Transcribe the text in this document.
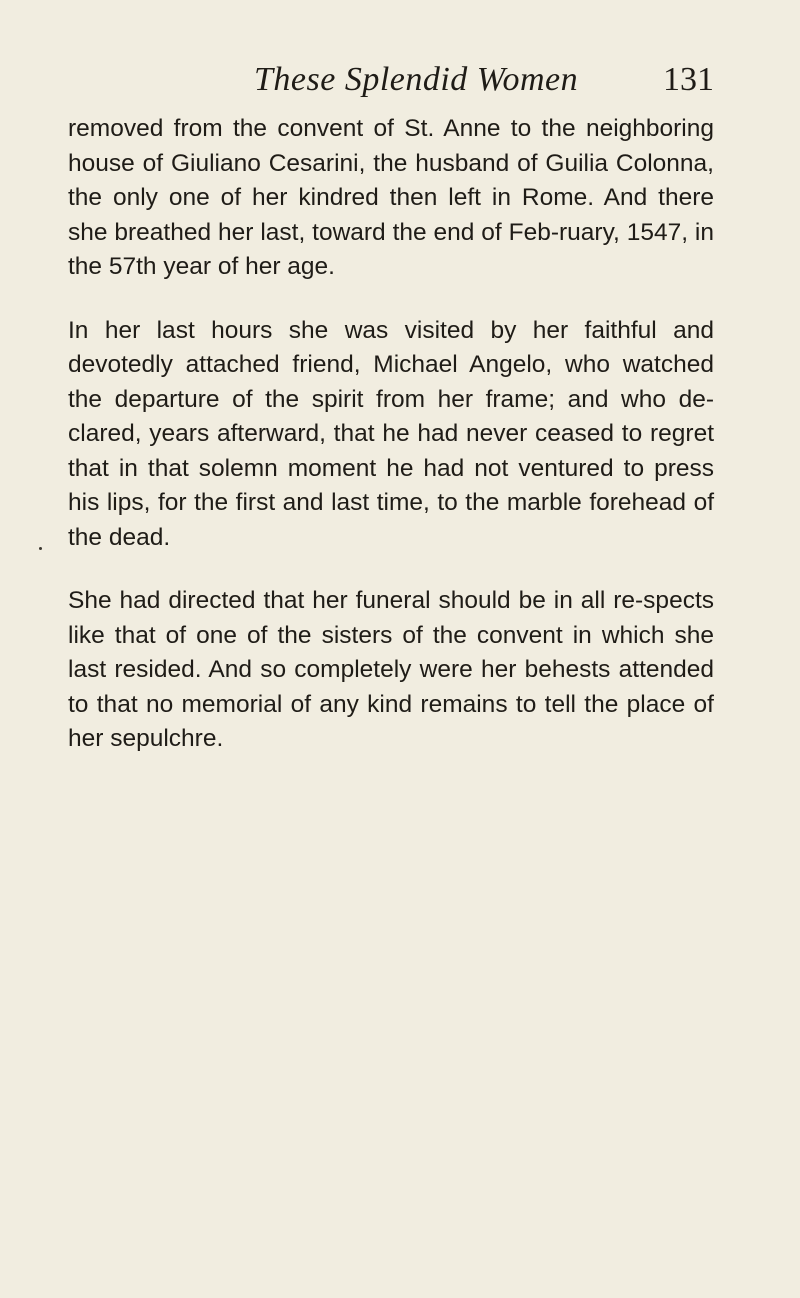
These Splendid Women 131

removed from the convent of St. Anne to the neighboring house of Giuliano Cesarini, the husband of Guilia Colonna, the only one of her kindred then left in Rome. And there she breathed her last, toward the end of Feb-ruary, 1547, in the 57th year of her age.

In her last hours she was visited by her faithful and devotedly attached friend, Michael Angelo, who watched the departure of the spirit from her frame; and who de-clared, years afterward, that he had never ceased to regret that in that solemn moment he had not ventured to press his lips, for the first and last time, to the marble forehead of the dead.

She had directed that her funeral should be in all re-spects like that of one of the sisters of the convent in which she last resided. And so completely were her behests attended to that no memorial of any kind remains to tell the place of her sepulchre.
